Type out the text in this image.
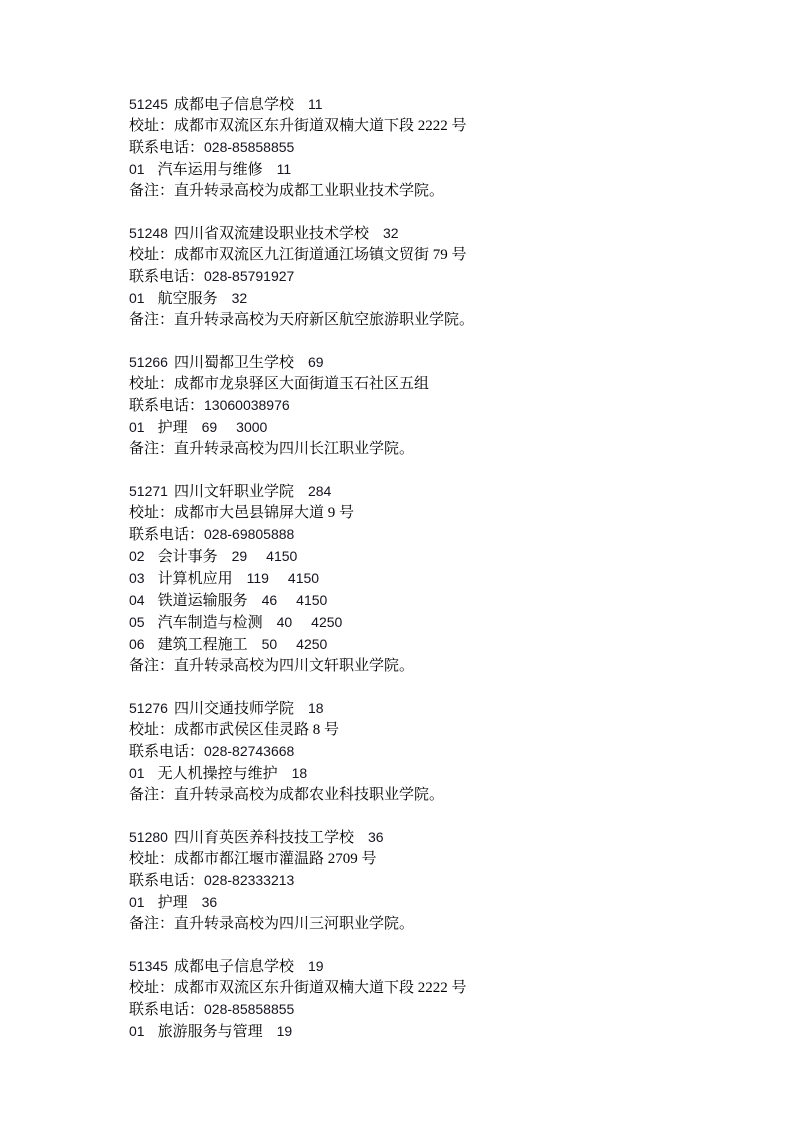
51245 成都电子信息学校 11

校址：成都市双流区东升街道双楠大道下段 2222 号

联系电话：028-85858855

01 汽车运用与维修 11

备注：直升转录高校为成都工业职业技术学院。

51248 四川省双流建设职业技术学校 32

校址：成都市双流区九江街道通江场镇文贸街 79 号

联系电话：028-85791927

01 航空服务 32

备注：直升转录高校为天府新区航空旅游职业学院。

51266 四川蜀都卫生学校 69

校址：成都市龙泉驿区大面街道玉石社区五组

联系电话：13060038976

01 护理 69 3000

备注：直升转录高校为四川长江职业学院。

51271 四川文轩职业学院 284

校址：成都市大邑县锦屏大道 9 号

联系电话：028-69805888

02 会计事务 29 4150

03 计算机应用 119 4150

04 铁道运输服务 46 4150

05 汽车制造与检测 40 4250

06 建筑工程施工 50 4250

备注：直升转录高校为四川文轩职业学院。

51276 四川交通技师学院 18

校址：成都市武侯区佳灵路 8 号

联系电话：028-82743668

01 无人机操控与维护 18

备注：直升转录高校为成都农业科技职业学院。

51280 四川育英医养科技技工学校 36

校址：成都市都江堰市灌温路 2709 号

联系电话：028-82333213

01 护理 36

备注：直升转录高校为四川三河职业学院。

51345 成都电子信息学校 19

校址：成都市双流区东升街道双楠大道下段 2222 号

联系电话：028-85858855

01 旅游服务与管理 19
